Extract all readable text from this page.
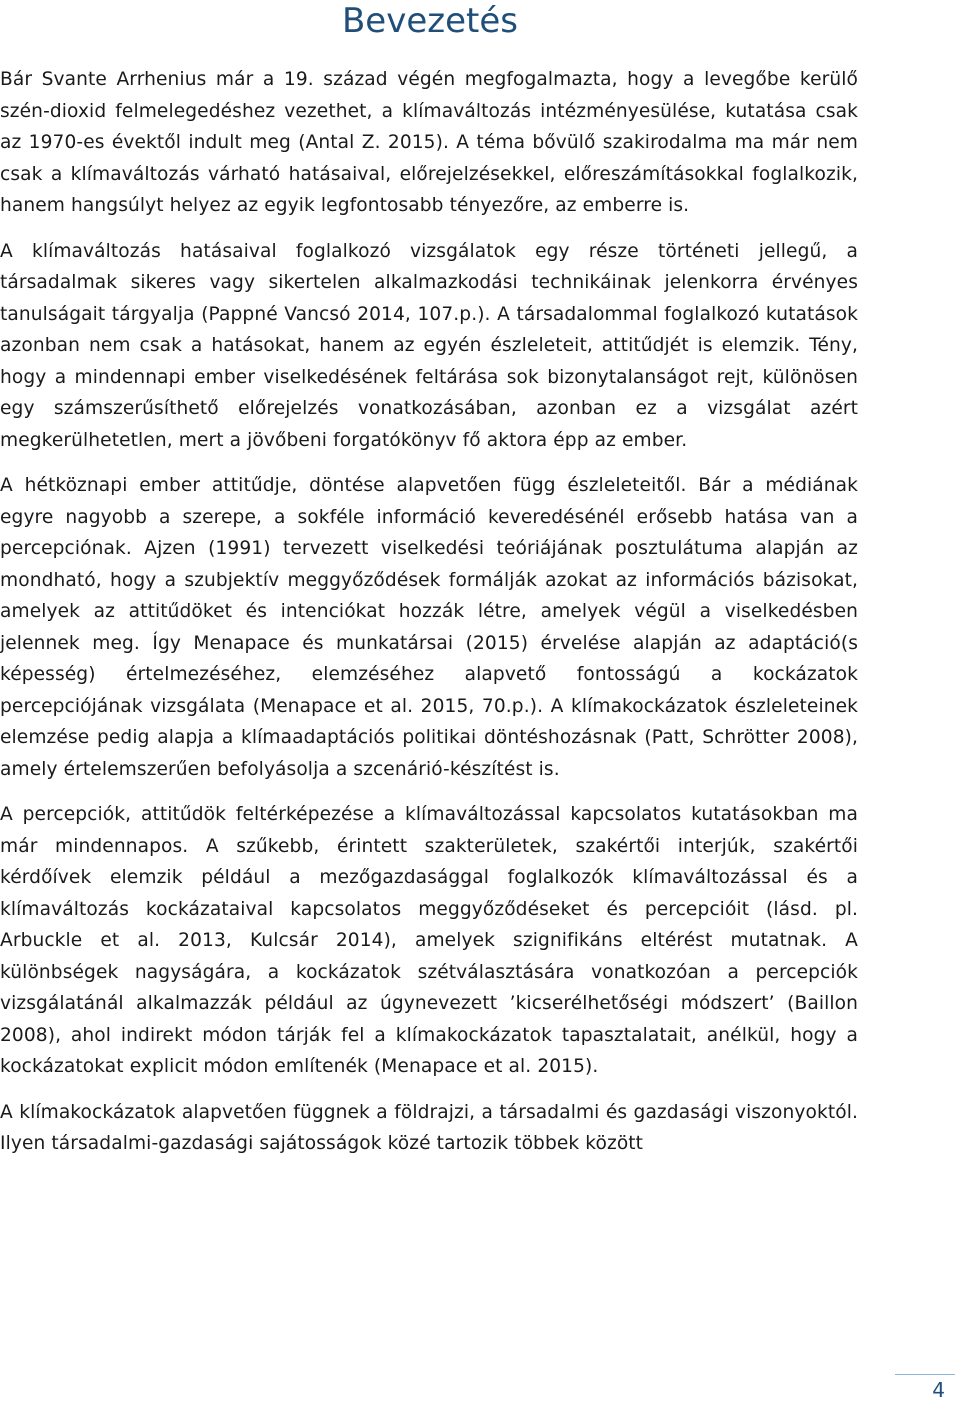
Bevezetés

Bár Svante Arrhenius már a 19. század végén megfogalmazta, hogy a levegőbe kerülő szén-dioxid felmelegedéshez vezethet, a klímaváltozás intézményesülése, kutatása csak az 1970-es évektől indult meg (Antal Z. 2015). A téma bővülő szakirodalma ma már nem csak a klímaváltozás várható hatásaival, előrejelzésekkel, előreszámításokkal foglalkozik, hanem hangsúlyt helyez az egyik legfontosabb tényezőre, az emberre is.

A klímaváltozás hatásaival foglalkozó vizsgálatok egy része történeti jellegű, a társadalmak sikeres vagy sikertelen alkalmazkodási technikáinak jelenkorra érvényes tanulságait tárgyalja (Pappné Vancsó 2014, 107.p.). A társadalommal foglalkozó kutatások azonban nem csak a hatásokat, hanem az egyén észleleteit, attitűdjét is elemzik. Tény, hogy a mindennapi ember viselkedésének feltárása sok bizonytalanságot rejt, különösen egy számszerűsíthető előrejelzés vonatkozásában, azonban ez a vizsgálat azért megkerülhetetlen, mert a jövőbeni forgatókönyv fő aktora épp az ember.

A hétköznapi ember attitűdje, döntése alapvetően függ észleleteitől. Bár a médiának egyre nagyobb a szerepe, a sokféle információ keveredésénél erősebb hatása van a percepciónak. Ajzen (1991) tervezett viselkedési teóriájának posztulátuma alapján az mondható, hogy a szubjektív meggyőződések formálják azokat az információs bázisokat, amelyek az attitűdöket és intenciókat hozzák létre, amelyek végül a viselkedésben jelennek meg. Így Menapace és munkatársai (2015) érvelése alapján az adaptáció(s képesség) értelmezéséhez, elemzéséhez alapvető fontosságú a kockázatok percepciójának vizsgálata (Menapace et al. 2015, 70.p.). A klímakockázatok észleleteinek elemzése pedig alapja a klímaadaptációs politikai döntéshozásnak (Patt, Schrötter 2008), amely értelemszerűen befolyásolja a szcenárió-készítést is.

A percepciók, attitűdök feltérképezése a klímaváltozással kapcsolatos kutatásokban ma már mindennapos. A szűkebb, érintett szakterületek, szakértői interjúk, szakértői kérdőívek elemzik például a mezőgazdasággal foglalkozók klímaváltozással és a klímaváltozás kockázataival kapcsolatos meggyőződéseket és percepcióit (lásd. pl. Arbuckle et al. 2013, Kulcsár 2014), amelyek szignifikáns eltérést mutatnak. A különbségek nagyságára, a kockázatok szétválasztására vonatkozóan a percepciók vizsgálatánál alkalmazzák például az úgynevezett ’kicserélhetőségi módszert’ (Baillon 2008), ahol indirekt módon tárják fel a klímakockázatok tapasztalatait, anélkül, hogy a kockázatokat explicit módon említenék (Menapace et al. 2015).

A klímakockázatok alapvetően függnek a földrajzi, a társadalmi és gazdasági viszonyoktól. Ilyen társadalmi-gazdasági sajátosságok közé tartozik többek között

4
